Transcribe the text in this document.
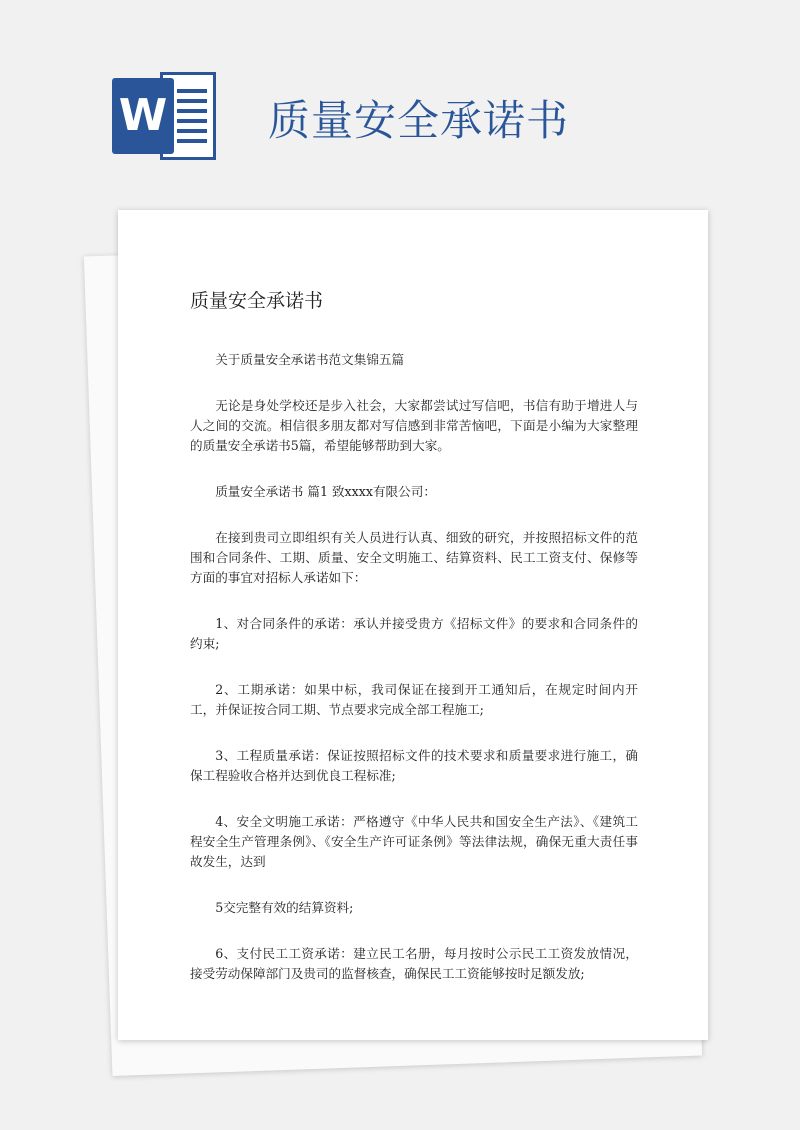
W 质量安全承诺书
质量安全承诺书

关于质量安全承诺书范文集锦五篇

无论是身处学校还是步入社会，大家都尝试过写信吧，书信有助于增进人与人之间的交流。相信很多朋友都对写信感到非常苦恼吧，下面是小编为大家整理的质量安全承诺书5篇，希望能够帮助到大家。

质量安全承诺书 篇1 致xxxx有限公司：

在接到贵司立即组织有关人员进行认真、细致的研究，并按照招标文件的范围和合同条件、工期、质量、安全文明施工、结算资料、民工工资支付、保修等方面的事宜对招标人承诺如下：

1、对合同条件的承诺：承认并接受贵方《招标文件》的要求和合同条件的约束;

2、工期承诺：如果中标，我司保证在接到开工通知后，在规定时间内开工，并保证按合同工期、节点要求完成全部工程施工;

3、工程质量承诺：保证按照招标文件的技术要求和质量要求进行施工，确保工程验收合格并达到优良工程标准;

4、安全文明施工承诺：严格遵守《中华人民共和国安全生产法》、《建筑工程安全生产管理条例》、《安全生产许可证条例》等法律法规，确保无重大责任事故发生，达到

5交完整有效的结算资料;

6、支付民工工资承诺：建立民工名册，每月按时公示民工工资发放情况，接受劳动保障部门及贵司的监督核查，确保民工工资能够按时足额发放;
